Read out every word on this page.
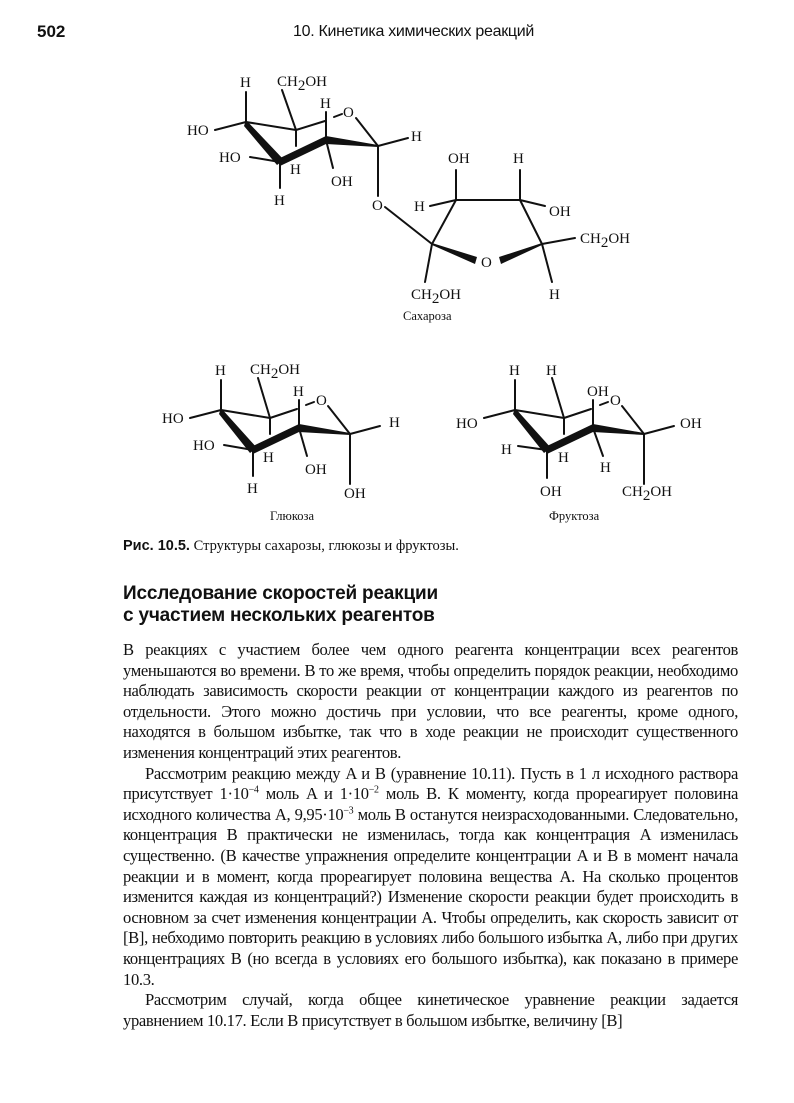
502	10. Кинетика химических реакций
H CH2OH
H
O
HO
HO
H
H
OH
H
O
OH	H
H	OH
CH2OH
O
CH2OH	H
Сахароза
H CH2OH
H
O
HO
HO
H
H
OH
H
OH
Глюкоза
H H
OH
O
HO	OH
H	H
H
OH	CH2OH
Фруктоза
Рис. 10.5. Структуры сахарозы, глюкозы и фруктозы.
Исследование скоростей реакции
с участием нескольких реагентов

В реакциях с участием более чем одного реагента концентрации всех реагентов уменьшаются во времени. В то же время, чтобы определить порядок реакции, необходимо наблюдать зависимость скорости реакции от концентрации каждого из реагентов по отдельности. Этого можно достичь при условии, что все реагенты, кроме одного, находятся в большом избытке, так что в ходе реакции не происходит существенного изменения концентраций этих реагентов.

Рассмотрим реакцию между A и B (уравнение 10.11). Пусть в 1 л исходного раствора присутствует $1\cdot 10^{-4}$ моль A и $1\cdot 10^{-2}$ моль B. К моменту, когда прореагирует половина исходного количества A, $9,95\cdot 10^{-3}$ моль B останутся неизрасходованными. Следовательно, концентрация B практически не изменилась, тогда как концентрация A изменилась существенно. (В качестве упражнения определите концентрации A и B в момент начала реакции и в момент, когда прореагирует половина вещества A. На сколько процентов изменится каждая из концентраций?) Изменение скорости реакции будет происходить в основном за счет изменения концентрации A. Чтобы определить, как скорость зависит от [B], небходимо повторить реакцию в условиях либо большого избытка A, либо при других концентрациях B (но всегда в условиях его большого избытка), как показано в примере 10.3.

Рассмотрим случай, когда общее кинетическое уравнение реакции задается уравнением 10.17. Если B присутствует в большом избытке, величину [B]
